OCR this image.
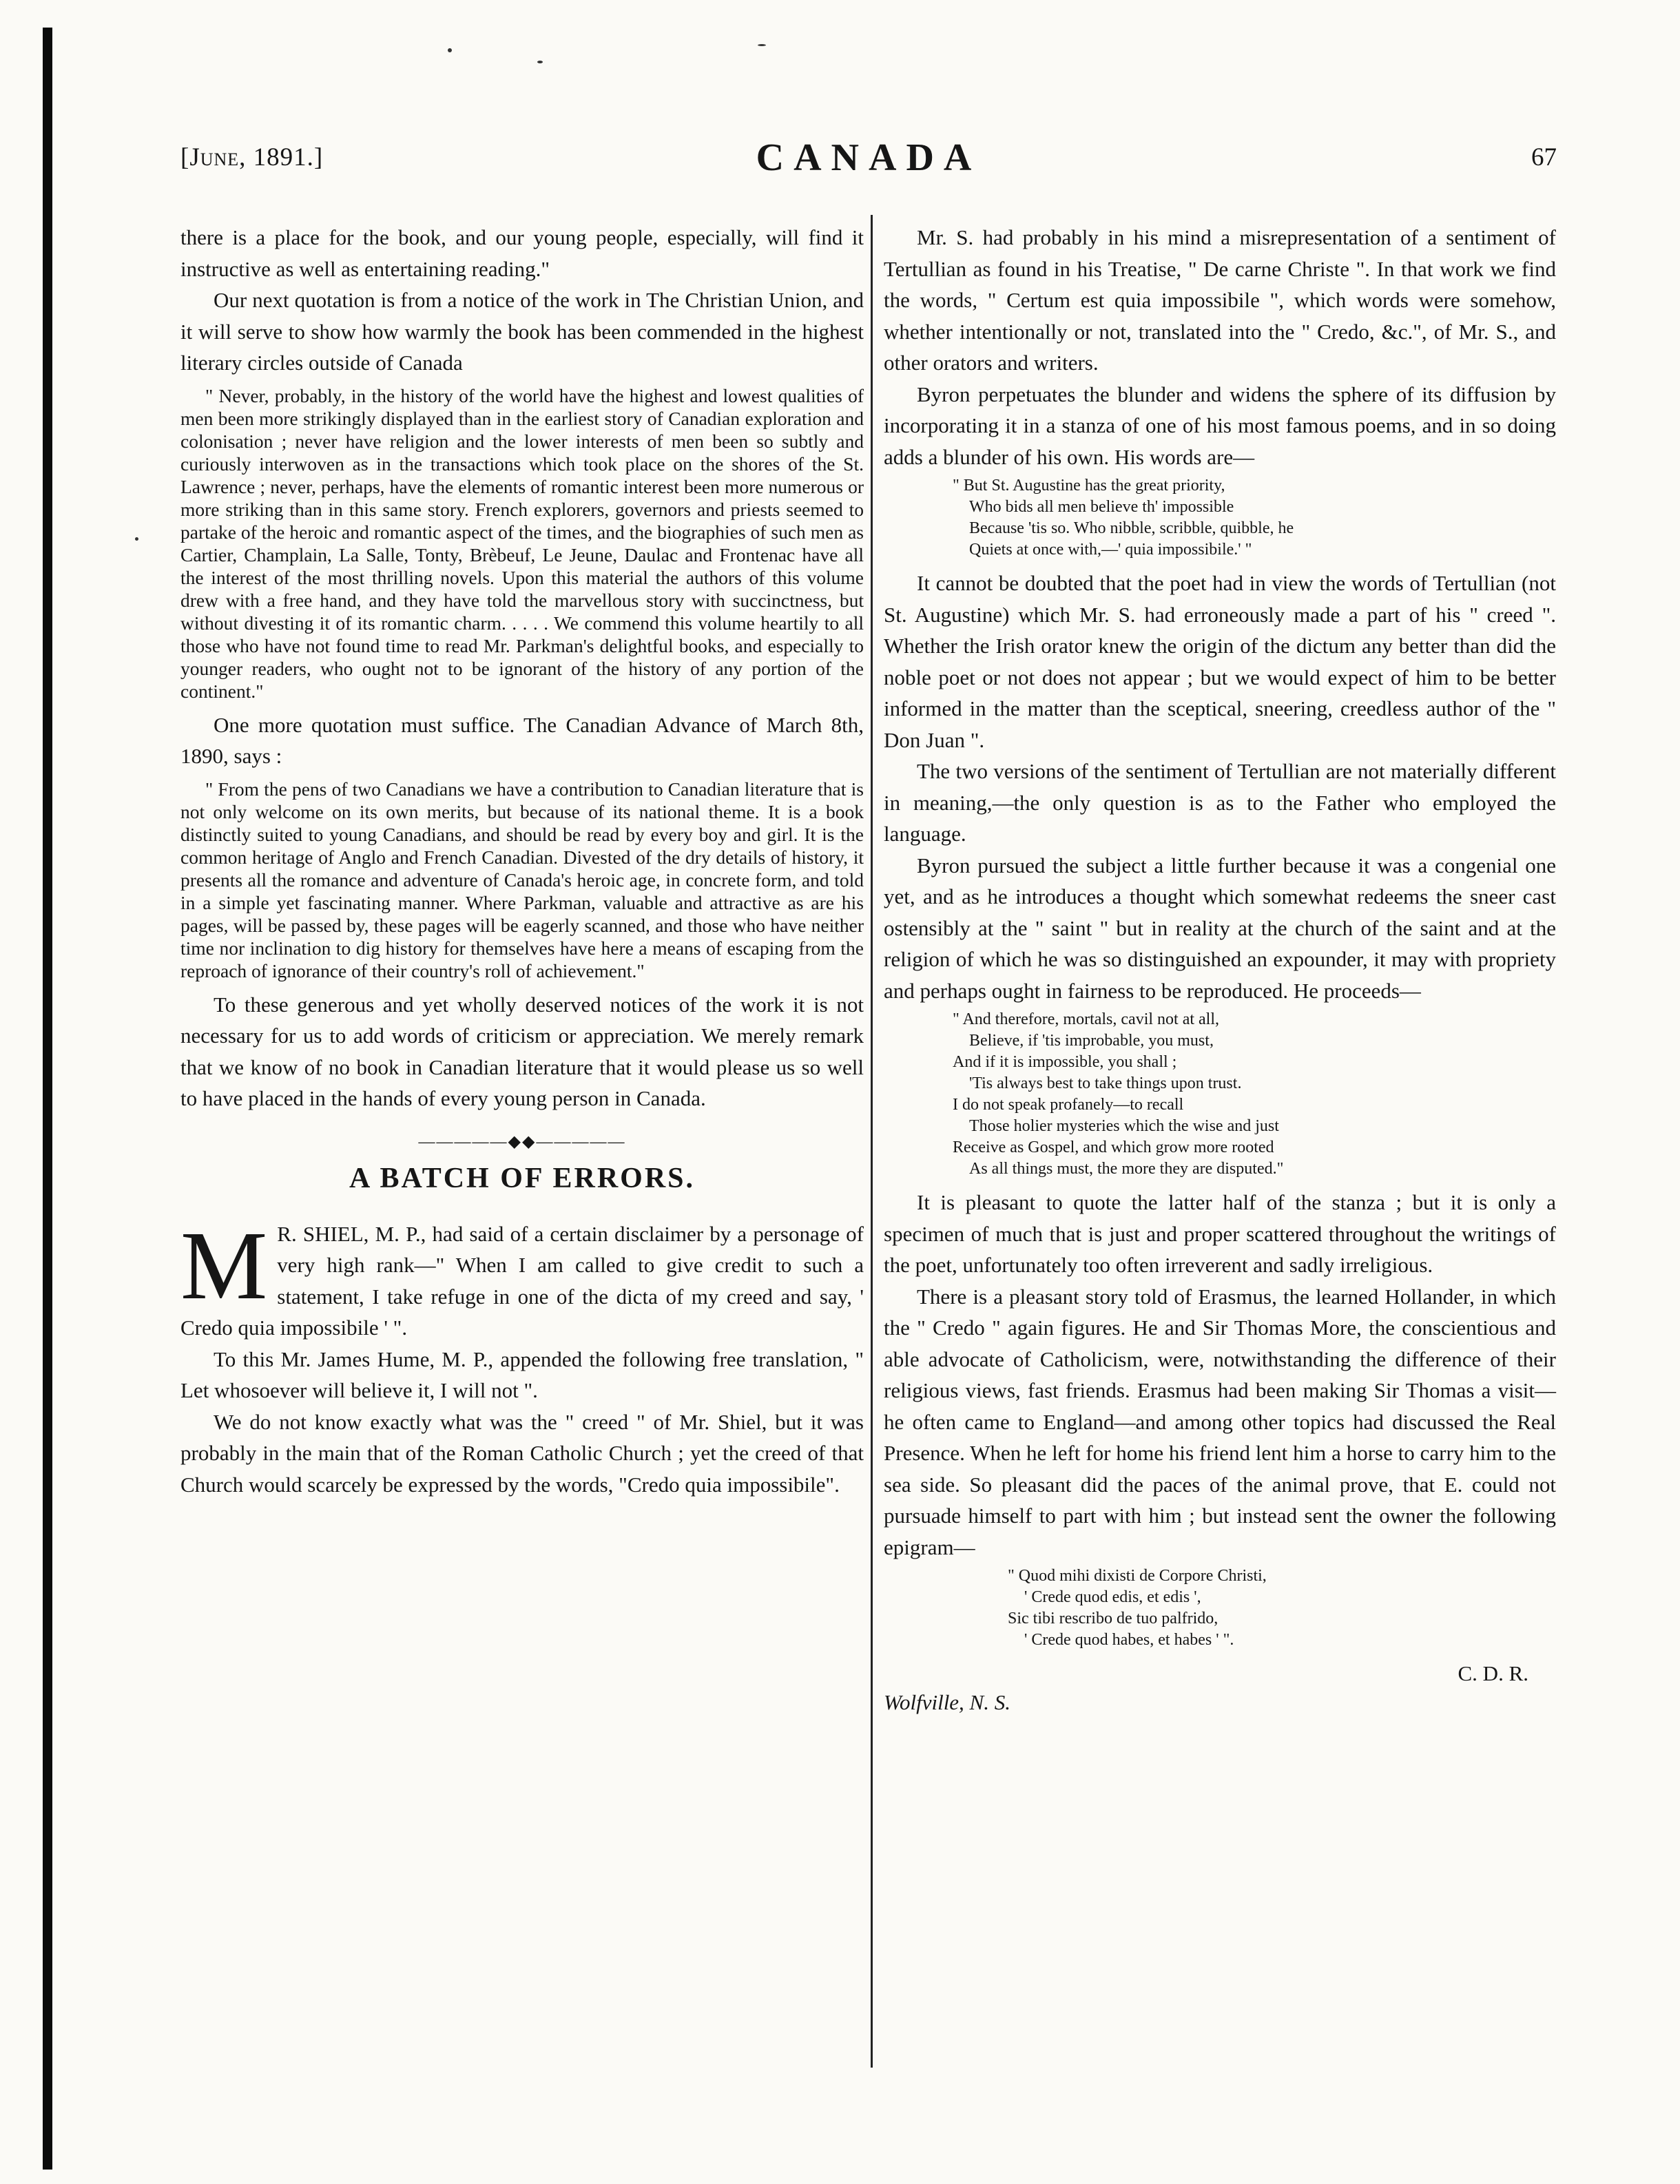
[June, 1891.]	CANADA	67

there is a place for the book, and our young people, especially, will find it instructive as well as entertaining reading."

Our next quotation is from a notice of the work in The Christian Union, and it will serve to show how warmly the book has been commended in the highest literary circles outside of Canada

" Never, probably, in the history of the world have the highest and lowest qualities of men been more strikingly displayed than in the earliest story of Canadian exploration and colonisation ; never have religion and the lower interests of men been so subtly and curiously interwoven as in the transactions which took place on the shores of the St. Lawrence ; never, perhaps, have the elements of romantic interest been more numerous or more striking than in this same story. French explorers, governors and priests seemed to partake of the heroic and romantic aspect of the times, and the biographies of such men as Cartier, Champlain, La Salle, Tonty, Brèbeuf, Le Jeune, Daulac and Frontenac have all the interest of the most thrilling novels. Upon this material the authors of this volume drew with a free hand, and they have told the marvellous story with succinctness, but without divesting it of its romantic charm. . . . . We commend this volume heartily to all those who have not found time to read Mr. Parkman's delightful books, and especially to younger readers, who ought not to be ignorant of the history of any portion of the continent."

One more quotation must suffice. The Canadian Advance of March 8th, 1890, says :

" From the pens of two Canadians we have a contribution to Canadian literature that is not only welcome on its own merits, but because of its national theme. It is a book distinctly suited to young Canadians, and should be read by every boy and girl. It is the common heritage of Anglo and French Canadian. Divested of the dry details of history, it presents all the romance and adventure of Canada's heroic age, in concrete form, and told in a simple yet fascinating manner. Where Parkman, valuable and attractive as are his pages, will be passed by, these pages will be eagerly scanned, and those who have neither time nor inclination to dig history for themselves have here a means of escaping from the reproach of ignorance of their country's roll of achievement."

To these generous and yet wholly deserved notices of the work it is not necessary for us to add words of criticism or appreciation. We merely remark that we know of no book in Canadian literature that it would please us so well to have placed in the hands of every young person in Canada.

—————◆◆—————
A BATCH OF ERRORS.

M R. SHIEL, M. P., had said of a certain disclaimer by a personage of very high rank—" When I am called to give credit to such a statement, I take refuge in one of the dicta of my creed and say, ' Credo quia impossibile ' ".

To this Mr. James Hume, M. P., appended the following free translation, " Let whosoever will believe it, I will not ".

We do not know exactly what was the " creed " of Mr. Shiel, but it was probably in the main that of the Roman Catholic Church ; yet the creed of that Church would scarcely be expressed by the words, "Credo quia impossibile".

Mr. S. had probably in his mind a misrepresentation of a sentiment of Tertullian as found in his Treatise, " De carne Christe ". In that work we find the words, " Certum est quia impossibile ", which words were somehow, whether intentionally or not, translated into the " Credo, &c.", of Mr. S., and other orators and writers.

Byron perpetuates the blunder and widens the sphere of its diffusion by incorporating it in a stanza of one of his most famous poems, and in so doing adds a blunder of his own. His words are—

" But St. Augustine has the great priority,
Who bids all men believe th' impossible
Because 'tis so. Who nibble, scribble, quibble, he
Quiets at once with,—' quia impossibile.' "

It cannot be doubted that the poet had in view the words of Tertullian (not St. Augustine) which Mr. S. had erroneously made a part of his " creed ". Whether the Irish orator knew the origin of the dictum any better than did the noble poet or not does not appear ; but we would expect of him to be better informed in the matter than the sceptical, sneering, creedless author of the " Don Juan ".

The two versions of the sentiment of Tertullian are not materially different in meaning,—the only question is as to the Father who employed the language.

Byron pursued the subject a little further because it was a congenial one yet, and as he introduces a thought which somewhat redeems the sneer cast ostensibly at the " saint " but in reality at the church of the saint and at the religion of which he was so distinguished an expounder, it may with propriety and perhaps ought in fairness to be reproduced. He proceeds—

" And therefore, mortals, cavil not at all,
Believe, if 'tis improbable, you must,
And if it is impossible, you shall ;
'Tis always best to take things upon trust.
I do not speak profanely—to recall
Those holier mysteries which the wise and just
Receive as Gospel, and which grow more rooted
As all things must, the more they are disputed."

It is pleasant to quote the latter half of the stanza ; but it is only a specimen of much that is just and proper scattered throughout the writings of the poet, unfortunately too often irreverent and sadly irreligious.

There is a pleasant story told of Erasmus, the learned Hollander, in which the " Credo " again figures. He and Sir Thomas More, the conscientious and able advocate of Catholicism, were, notwithstanding the difference of their religious views, fast friends. Erasmus had been making Sir Thomas a visit—he often came to England—and among other topics had discussed the Real Presence. When he left for home his friend lent him a horse to carry him to the sea side. So pleasant did the paces of the animal prove, that E. could not pursuade himself to part with him ; but instead sent the owner the following epigram—

" Quod mihi dixisti de Corpore Christi,
' Crede quod edis, et edis ',
Sic tibi rescribo de tuo palfrido,
' Crede quod habes, et habes ' ".
C. D. R.
Wolfville, N. S.
